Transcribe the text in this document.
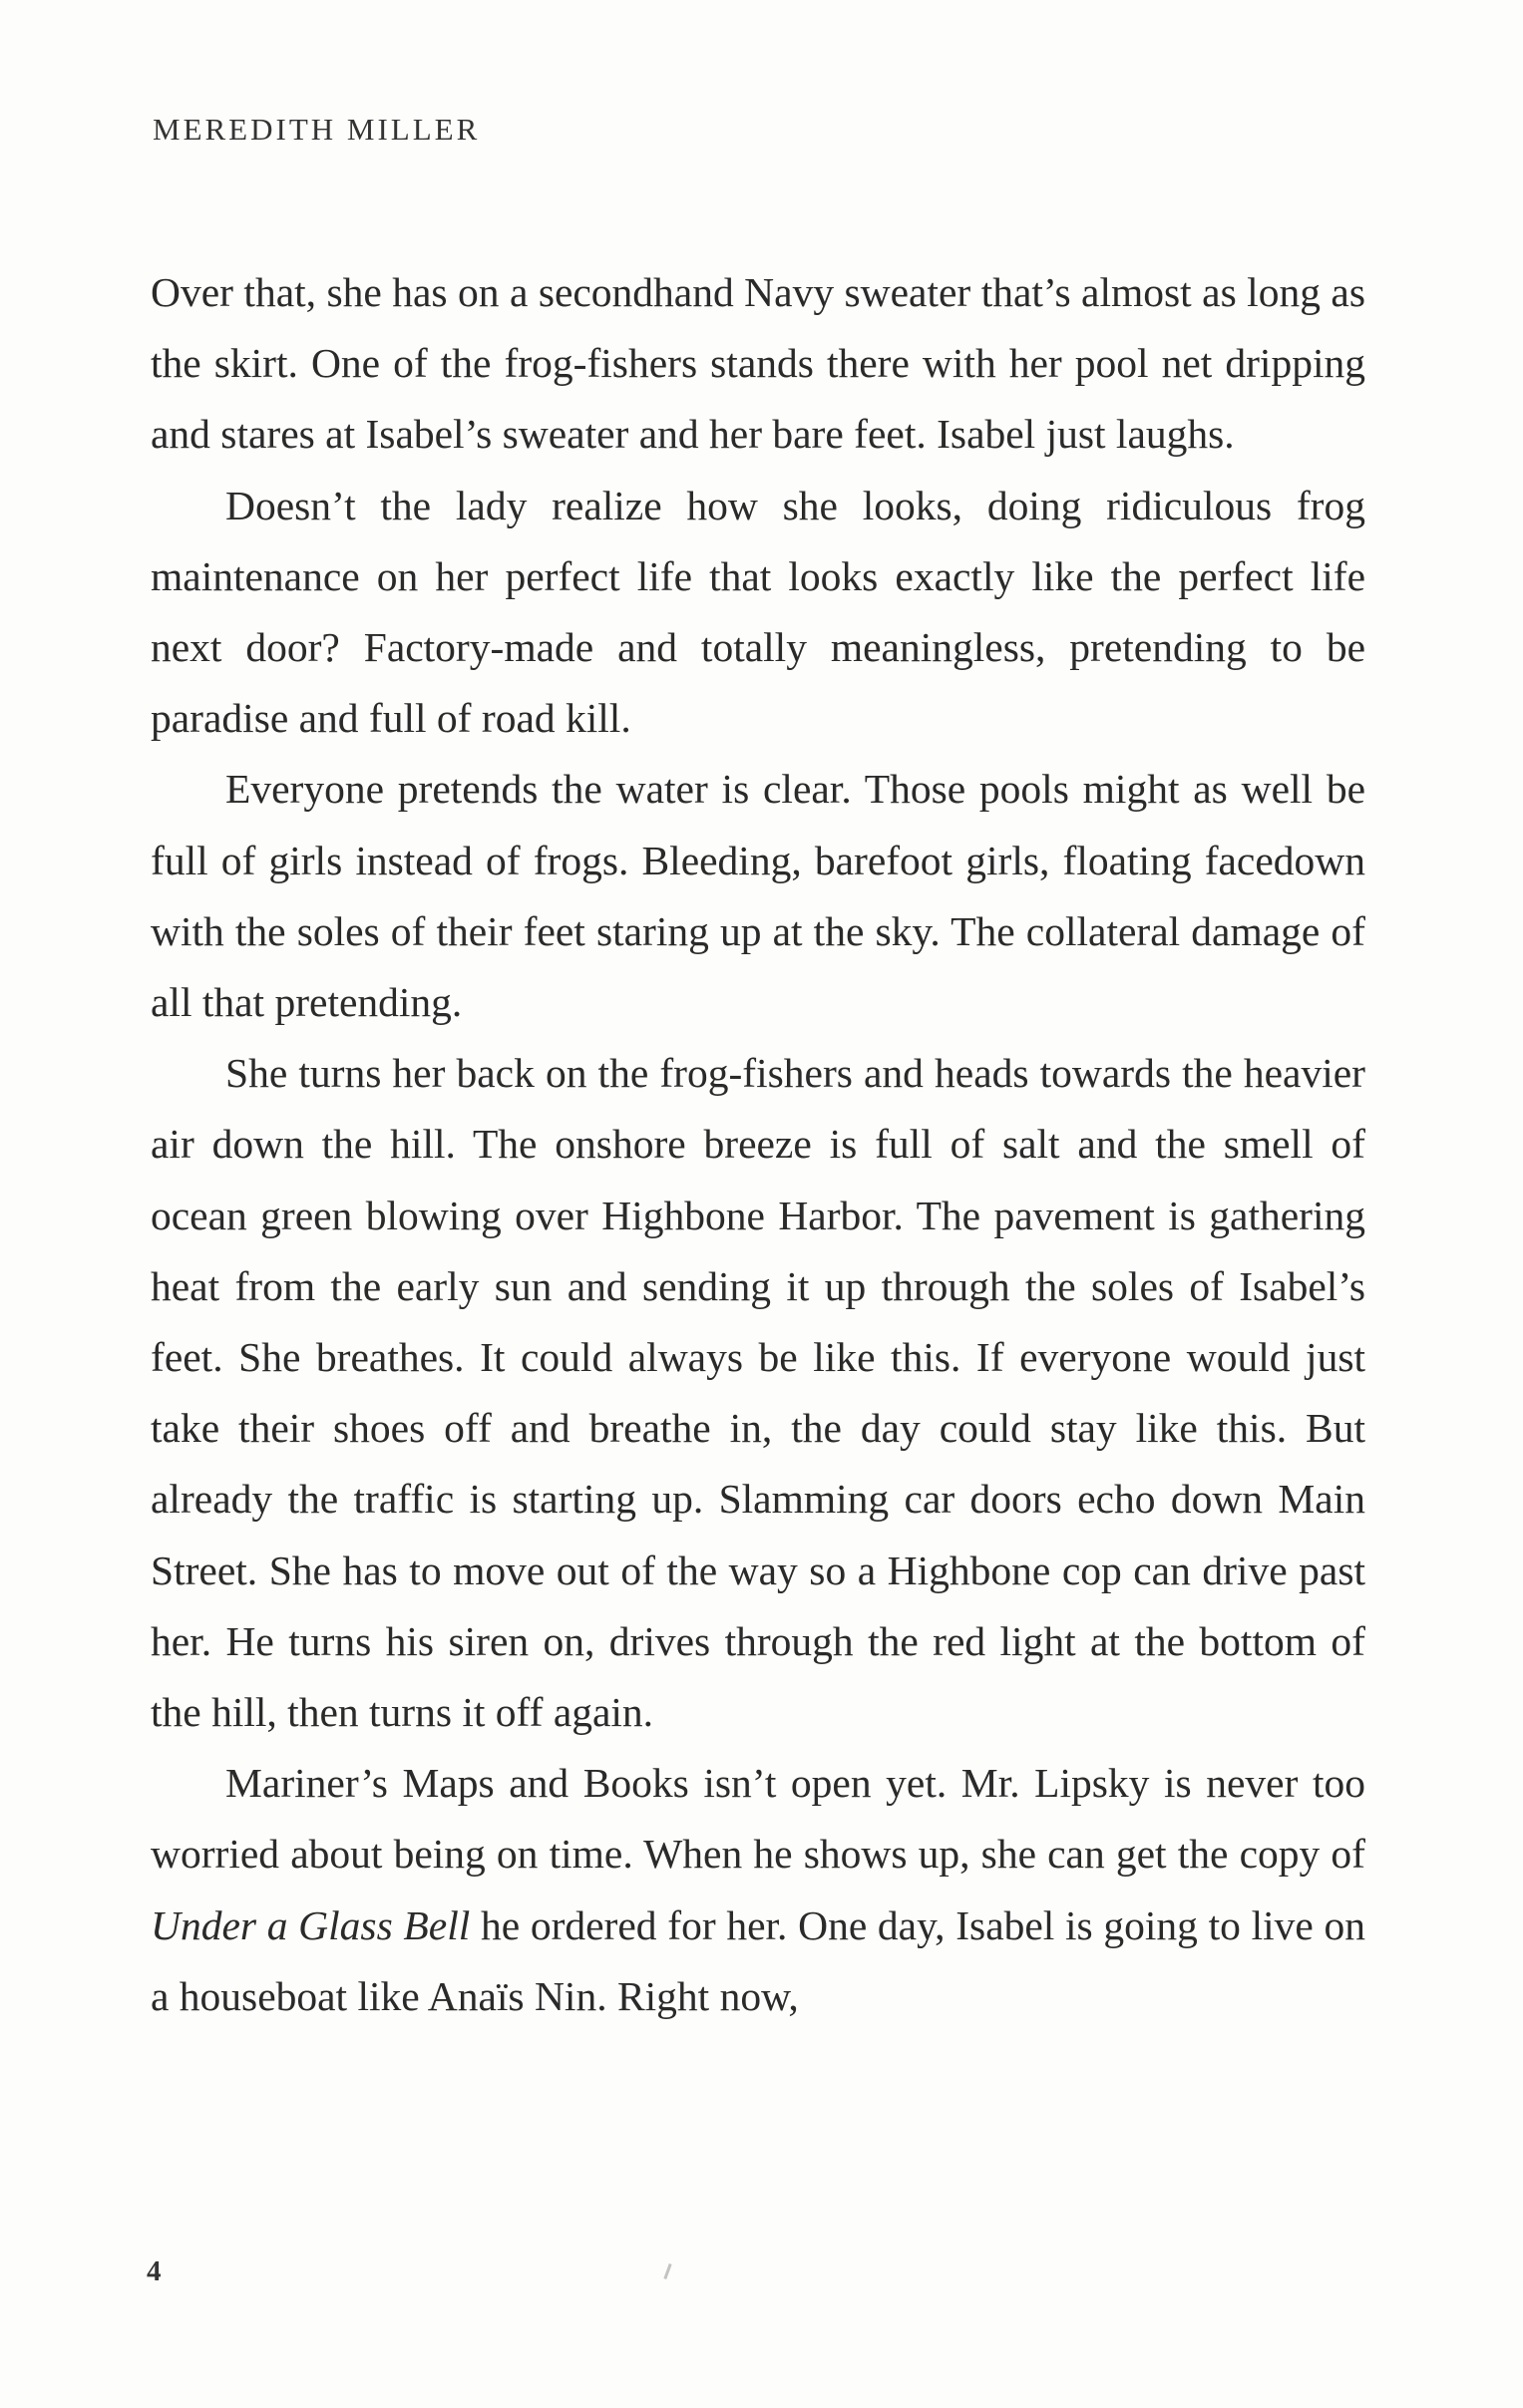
MEREDITH MILLER

Over that, she has on a secondhand Navy sweater that’s almost as long as the skirt. One of the frog-fishers stands there with her pool net dripping and stares at Isabel’s sweater and her bare feet. Isabel just laughs.

Doesn’t the lady realize how she looks, doing ridiculous frog maintenance on her perfect life that looks exactly like the perfect life next door? Factory-made and totally meaningless, pretending to be paradise and full of road kill.

Everyone pretends the water is clear. Those pools might as well be full of girls instead of frogs. Bleeding, barefoot girls, floating facedown with the soles of their feet staring up at the sky. The collateral damage of all that pretending.

She turns her back on the frog-fishers and heads towards the heavier air down the hill. The onshore breeze is full of salt and the smell of ocean green blowing over Highbone Harbor. The pavement is gathering heat from the early sun and sending it up through the soles of Isabel’s feet. She breathes. It could always be like this. If everyone would just take their shoes off and breathe in, the day could stay like this. But already the traffic is starting up. Slamming car doors echo down Main Street. She has to move out of the way so a Highbone cop can drive past her. He turns his siren on, drives through the red light at the bottom of the hill, then turns it off again.

Mariner’s Maps and Books isn’t open yet. Mr. Lipsky is never too worried about being on time. When he shows up, she can get the copy of Under a Glass Bell he ordered for her. One day, Isabel is going to live on a houseboat like Anaïs Nin. Right now,

4
